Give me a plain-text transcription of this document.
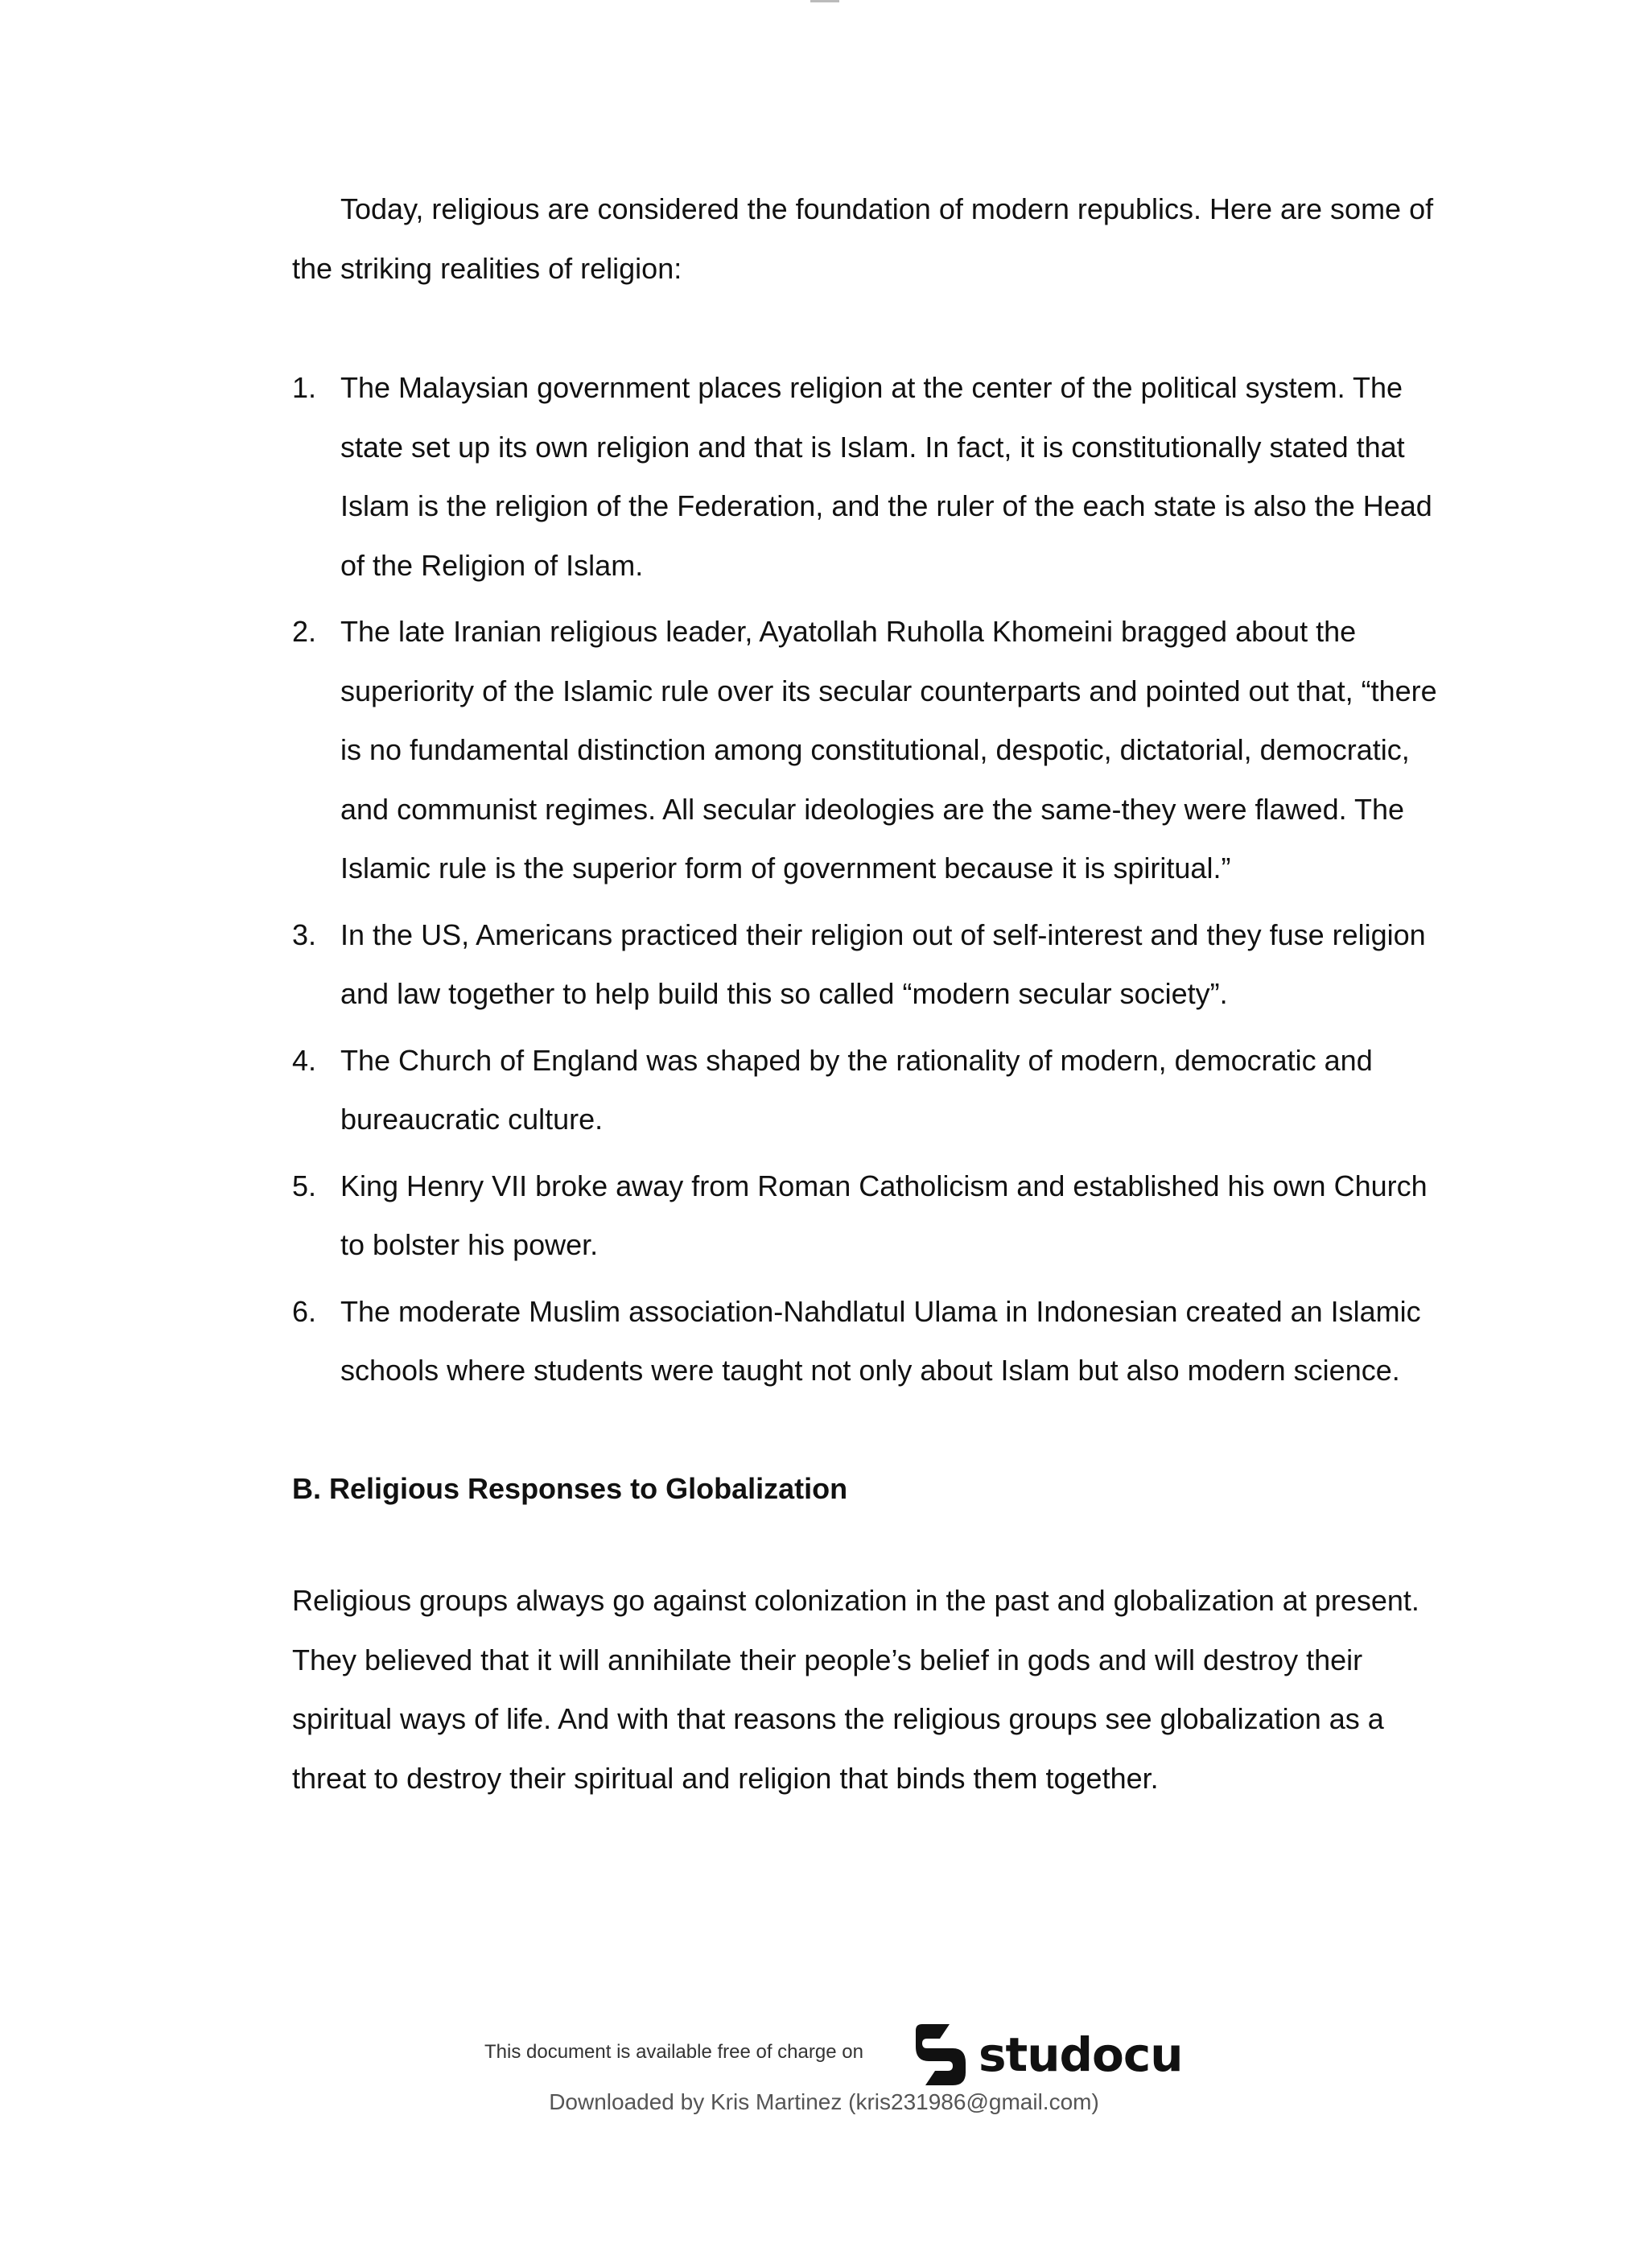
Today, religious are considered the foundation of modern republics. Here are some of the striking realities of religion:

1. The Malaysian government places religion at the center of the political system. The state set up its own religion and that is Islam. In fact, it is constitutionally stated that Islam is the religion of the Federation, and the ruler of the each state is also the Head of the Religion of Islam.
2. The late Iranian religious leader, Ayatollah Ruholla Khomeini bragged about the superiority of the Islamic rule over its secular counterparts and pointed out that, “there is no fundamental distinction among constitutional, despotic, dictatorial, democratic, and communist regimes. All secular ideologies are the same-they were flawed. The Islamic rule is the superior form of government because it is spiritual.”
3. In the US, Americans practiced their religion out of self-interest and they fuse religion and law together to help build this so called “modern secular society”.
4. The Church of England was shaped by the rationality of modern, democratic and bureaucratic culture.
5. King Henry VII broke away from Roman Catholicism and established his own Church to bolster his power.
6. The moderate Muslim association-Nahdlatul Ulama in Indonesian created an Islamic schools where students were taught not only about Islam but also modern science.
B. Religious Responses to Globalization

Religious groups always go against colonization in the past and globalization at present. They believed that it will annihilate their people’s belief in gods and will destroy their spiritual ways of life. And with that reasons the religious groups see globalization as a threat to destroy their spiritual and religion that binds them together.

This document is available free of charge on studocu
Downloaded by Kris Martinez (kris231986@gmail.com)
